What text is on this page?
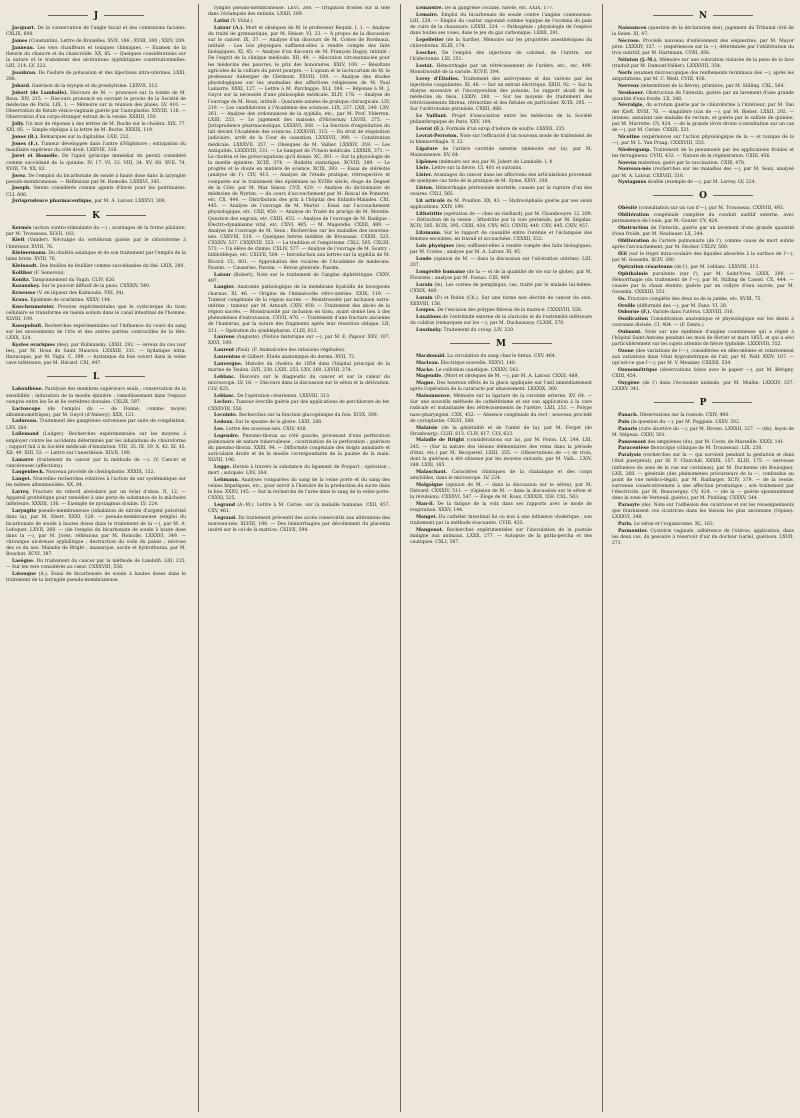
J

Jacquart. De la conservation de l'angle facial et des connexions faciales. CXLIX, 600.

James (Constantin). Lettre de Bruxelles. XVII, 186 ; XVIII, 300 ; XXIV, 209.

Janneau. Les vers chauffeurs et toxiques chimiques. — Examen de la théorie du chancre et du chancroïde. XX, 85. — Quelques considérations sur la nature et le traitement des ulcérations syphilitiques constitutionnelles. LIII, 214. LV, 223.

Jeanbrau. De l'iodure de potassium et des injections intra-utérines. LXXI, 288.

Jobard. Guérison de la myopie et du presbytisme. LXXVII, 312.

Jobert (de Lamballe). Discours de M. — prononcé sur la tombe de M. Roux. XIV, 215. — Discours prononcé en ouvrant le procès de la Société de médecine de Paris. LIX, 1. — Mémoire sur la réunion des plaies. LV, 410. — Observation de fistule vésico-vaginale guérie par l'autoplastie. XXVIII, 116. — Observation d'un corps étranger extrait de la vessie. XXXIII, 150.

Jolly. Un mot de réponse à des lettres de M. Roche sur le choléra. XIX, 77. XXI, 85. — Simple réplique à la lettre de M. Roche. XXXIX, 119.

Jones (B.). Remarques sur la digitaline. LXII, 232.

Jones (E.). Tumeur développée dans l'antre d'Highmore ; extirpation du maxillaire supérieur du côté droit. LXXVIII, 316.

Joret et Homolle. De l'apiol (principe immédiat du persil) considéré comme succédané de la quinine. IV, 17. VI, 33. VIII, 34. XV, 68. XVII, 74. XVIII, 74. XX, 82.

Jorez. De l'emploi du bicarbonate de soude à haute dose dans la laryngite pseudo-membraneuse. — Réflexions par M. Homolle. LXXXVI, 345.

Joseph. Venins considérés comme agents d'hiver pour les poitrinaires. CLI, 606.

Jurisprudence pharmaceutique, par M. A. Latour. LXXXVI, 308.

K

Kermès (action contro-stimulante du —) ; avantages de la forme pilulaire, par M. Trousseau. XLVII, 183.

Kieft (Vander). Névralgie du vertébrum guérie par le chloroforme à l'intérieur. XVIII, 76.

Kleinermann. Du choléra asiatique et de son traitement par l'emploi de la laine brute. XVIII, 76.

Kleinsadt. Des feuilles de feuillier comme succédanées du thé. LXIX, 280.

Kolliker (F. Seneroni).

Konitz. Tamponnement du Vagin. CLIV, 620.

Kozanskey. Sur le pouvoir diffusif de la peau. CXXXIV, 540.

Kraeusse (V. en liqueur des Kalmouks, VIII, 34).

Kraus. Épidémie de scarlatine. XXXV, 144.

Kuechenmeister. Preuves expérimentales que le cysticerque du tissu cellulaire se transforme en taenia solium dans le canal intestinal de l'homme. XLVIII, 199.

Kuespohult. Recherches expérimentales sur l'influence du cours du sang sur les mouvements de l'iris et des autres parties contractiles de la tête. LXXX, 324.

Kystes ovariques (des), par Ruhkansky. LXXII, 292. — séreux du cou (sur les), par M. Roux de Saint Maurice. LXXXIII, 331. — hydatique intra-thoracique, par M. Vigla. C, 399. — hydatique du foie ouvert dans la veine cave inférieure, par M. Hérard. CXI, 447.

L

Laboulbène. Paralysie des membres supérieurs seuls ; conservation de la sensibilité ; induration de la moelle épinière ; ramollissement dans l'espace compris entre les 5e et 6e vertèbres dorsales. CXLIX, 597.

Lactoscope (de l'emploi du — de Donné, comme moyen albuminométrique), par M. Guyot (d'Annecy). XXX, 121.

Ladureau. Traitement des gangrènes survenues par suite de congélation. LXV, 264.

Lallemand (Ludger). Recherches expérimentales sur les moyens à employer contre les accidents déterminés par les inhalations de chloroforme ; rapport fait à la Société médicale d'émulation. VIII, 35. IX, 39. X, 42. XI, 45. XII, 49. XIII, 53. — Lettre sur l'anesthésie. XLVII, 190.

Lamarre (traitement du cancer par la méthode de —). (V. Cancer et cancéreuses (affections).

Langenbeck. Nouveau procédé de cheiloplastie. XXXIX, 152.

Langet. Nouvelles recherches relatives à l'action de sur systématique sur les mêmes albumenoïdes. XX, 84.

Larrey. Fracture du rebord alvéolaire par un éclat d'obus. II, 12. — Appareil prothétique pour remédier à une perte de substance de la mâchoire inférieure. XXXIII, 136. — Exemple de nystagmus double. LV, 224.

Laryngite pseudo-membraneuse (inhalation de nitrate d'argent pulvérisé dans la), par M. Ebert. XXXI, 128. — pseudo-membraneuse (emploi du bicarbonate de soude à hautes doses dans le traitement de la —), par M. A. Lefoquet. LXVII, 268. — (de l'emploi du bicarbonate de soude à haute dose dans la —), par M. Jorez, réflexions par M. Homolle. LXXXVI, 349. — chronique ulcéreuse syphilitique ; destruction du voile du palais ; nécrose des os du nez. Maladie de Bright ; anasarque, ascite et hydrothorax, par M. Bouchut. XCVI, 387.

Lasègue. Du traitement du cancer par la méthode de Landolfi. LIII, 215. — Sur les vers considérés au cœur. CXXXVIII, 556.

Latouque (A.). Essai de bicarbonate de soude à hautes doses dans le traitement de la laryngite pseudo-membraneuse.

ryngite pseudo-membraneuse. LXVI, 268. — Irrigation froides sur la tête dans l'éclampsie des enfants. LXXII, 289.

Latini (V. Vidal.)

Latour (A.). Mort et obsèques de M. le professeur Requin. I, 1. — Analyse du traité de gymnastique, par M. Heiser. VI, 23. — À propos de la discussion sur le cancer. IX, 37. — Analyse d'un discours de M. Costes de Bordeaux, intitulé : Les lois physiques suffisent-elles à rendre compte des faits biologiques. XI, 45. — Analyse d'un discours de M. François Daguy, intitulé : De l'esprit de la clinique médicale. XII, 49. — Allocution circonstanciée pour les médecins des pauvres, le prix des honoraires. XXIV, 100. — Résultats agricoles de la culture du pavot pourpre. — L'opium et le lactucarium de M. le professeur Aubergier de Clermont. XXVIII, 109. — Analyse des études physiologiques sur les anomalies des affections religieuses de M. Paul Lamarre. XXXI, 127. — Lettre à M. Parchappe. XLI, 168. — Réponse à M. J. Guyot sur la nécessité d'une philosophie médicale. XLIV, 178. — Analyse de l'ouvrage de M. Roux, intitulé : Quarante années de pratique chirurgicale. LIV, 219. — Les candidatures à l'Académie des sciences. LIX, 237. LXII, 249. LXV, 261. — Analyse des ordonnances de la syphilis, etc., par M. Prof. Viderren. LXIII, 253. — Le jugement des maisons d'Hiviernay. LXVIII, 275. — Jurisprudence pharmaceutique. LXXXVI, 308. — La fonction d'exploitation du lait devant l'Académie des sciences. LXXXVIII, 315. — Du droit de réquisition judiciaire, arrêt de la Cour de cassation. LXXXVII, 399. — Constitution médicale. LXXXVII, 357. — Obsèques de M. Vallier. LXXXIV, 359. — Les Antiquités. LXXXVIII, 331. — Le banquet de l'Union médicale. LXXXIX, 371. — Le choléra et les préoccupations qu'il donne. XC, 361. — Sur la physiologie de la moelle épinière. XCIII, 374. — Bulletin statistique. XCVIII, 389. — Le progrès et le doute en matière de science. XCIX, 393. — Essai de stéréotie (analyse de l'). CIV, 413. — Analyse de l'étude pratique, rétrospective et comparée sur le traitement des épidémies au XVIIIe siècle, éloge de Degnet de la Côte, par M. Max Simon. CVII, 429. — Analyse du dictionnaire de médecine de Nysten. — du cours d'accouchement par M. Roscal de Pomeret, etc. CX, 444. — Distribution des prix à l'hôpital des Enfants-Malades. CXI, 445. — Analyse de l'ouvrage de M. Martel : Essai sur l'accouchement physiologique, etc. CXII, 450. — Analyse du Traité du prurigo de M. Morelle. Question des engrais, etc. CXIII, 453. — Analyse de l'ouvrage de M. Badigue : Electro-dynamisme vital, etc. CXVI, 465. — M. Magendie. CXXII, 489. — Analyse de l'ouvrage de M. Seux : Recherches sur les maladies des nouveau-nés. CXXVIII, 510. — Quelques lettres inédites de Broussais. CXXXI, 525. CXXXIV, 537. CXXXVIII, 553. — La tradition et l'empirisme. CXLI, 565. CXLIII, 573. — Un élève de chimie. CXLIV, 577. — Analyse de l'ouvrage de M. Soutry : bibliothèque, etc. CXLVII, 584. — Introduction aux lettres sur la syphilis de M. Ricord. CL, 601. — Approbation des vicaires de l'Académie de médecine. Passim. — Causeries. Passim. — Revue générale. Passim.

Latour (Robert). Note sur le traitement de l'angine diphtéritique. CXXV, 497.

Laugier. Anatomie pathologique de la membrane hyaloïde de bourgeons charnus. XI, 46. — Origine de l'hématocèle rétro-utérine. XXIX, 119. — Tumeur congéniale de la région sacrée. — Monstruosité par inclusion extra-utérine ; tumeur, par M. Arnoult. CXIV, 459. — Traitement des abcès de la région sacrée. — Monstruosité par inclusion en tissu, ayant donné lieu à des phénomènes d'extravasion. CXVII, 470. — Traitement d'une fracture ancienne de l'humérus, par la suture des fragments après leur résection oblique. LII, 211. — Opération du symblépharon. CLIII, 612.

Laurens (Auguste). (Notice historique sur —), par M. E. Papoor. XXV, 107. XXVI, 109.

Laurent (Paul). (F. Animalcules des infusions végétales).

Laurentus et Gilbert. Étude anatomique du derme. XVII, 72.

Lauvergne. Histoire du choléra de 1854 dans l'hôpital principal de la marine de Toulon. LVII, 230. LXIII, 253. LXV, 260. LXVIII, 274.

Leblanc. Discours sur le diagnostic du cancer et sur la valeur du microscope. LV, 18. — Discours dans la discussion sur le séton et la dérivation. CLV, 625.

Leblanc. De l'opération césarienne. LXXVIII, 313.

Leclerc. Tumeur érectile guérie par des applications de perchlorure de fer. CXXXVIII, 556.

Lecointe. Recherches sur la fonction glucogénique du foie. XCIX, 399.

Ledoux. Sur le spasme de la glotte. LXXI, 288.

Lee. Lettre des nouveau-nés. CXIV, 458.

Legendre. Pneumo-thorax au côté gauche, provenant d'une perforation pulmonaire de nature tuberculeuse ; cicatrisation de la perforation ; guérison du pneumo-thorax. XXIII, 94. — Difformité congéniale des doigts annulaire et auriculaire droits et de la moelle correspondante de la paume de la main. XLVIII, 196.

Legge. Hernie à travers la substance du ligament de Poupart ; opération ; mort ; autopsie. LXV, 264.

Lehmann. Analyses comparées du sang de la veine porte et du sang des veines hépatiques, etc., pour servir à l'histoire de la production du sucre dans le foie. XXXV, 145. — Sur la recherche de l'urée dans le sang de la veine porte. CXXXI, 525.

Legrand (A.-M.). Lettre à M. Cerise, sur la maladie humaine. CXII, 457. CXV, 461.

Legrand. Du traitement préventif des accès consécutifs aux altérations des nouveau-nés. XLVIII, 196. — Des hémorrhagies par décollement du placenta inséré sur le col de la matrice. CXLVII, 594.

Lemaistre. De la gangrène cocaïne, rareté, etc. XXIX, 177.

Lemaire. Emploi du bicarbonate de soude contre l'angine couenneuse. LIII, 228. — Emploi du coaltar saponiné comme topique de l'eczéma du pain de cuirs de la chaussure. LXXXI, 324. — Pathogénie : physiologie de l'espèce dans toutes ses voies, dans le jeu du gaz carbonique. LXXII, 291.

Lepelletier (de la Sarthe). Mémoire sur les propriétés anesthésiques du chloroforme. XLIII, 174.

Lescher. De l'emploi des injections de calomel, de l'urètre, sur l'iridectomie. LXI, 251.

Lestat. Hémorrhagie par un rétrécissement de l'urètre, etc., etc. 499. Monstruosité de la variole. XCVII, 394.

Leroy d'Étiolles. Traitement des anévrysmes et des varices par les injections coagulantes. XI, 48. — Sur un extrait électrique. XXIII, 92. — Sur la dialyse excessive et l'incorporation des poisons. Le rapport alcali de la médecine du tissu. LXXIV, 280. — Sur les moyens de traitement des rétrécissements fibreux, rétractiles et des fistules en particulier. XCIX, 395. — Sur l'urétrotomie périnéale. CXXII, 488.

Le Vaillant. Projet d'association entre les médecins de la Société philanthropique de Paris. XXV, 104.

Levrat (E.). Formule d'un sirop d'iodure de soufre. LXXXII, 335.

Levrat-Perroton. Note sur l'efficacité d'un nouveau mode de traitement de la blennorrhagie. V, 22.

Ligature de l'artère carotide externe (mémoire sur la), par M. Maisonneuve. XV, 64.

Lipômes (mémoire sur les) par M. Jobert de Lamballe. I, 4.

Liste. Lettre sur la fièvre. CI, 401 et suivants.

Lister. Avantages du cancer dans les affections des articulations provenant de quelques cas tirés de la pratique de M. Syme. XXVI, 108.

Liston. Hémorrhagie péritonéale mortelle, causée par la rupture d'un des ovaires. CXLI, 565.

Lit articulé de M. Pouillon. XX, 43. — Hydrocéphalie guérie par ses seuls applications. XXIV, 199.

Lithotritie (opération de — chez un vieillard), par M. Chambouyre. LI, 209. — Rétraction de la vessie ; lithotritie par la voie périnéale, par M. Ségalas. XCIV, 385. XCIX, 395. CXIII, 454. CXV, 463. CXVIII, 440. CXV, 445. CXIV, 457.

Litzmann. Sur le rapport de causalité entre l'urémie et l'éclampsie des femmes enceintes, en travail et accouchées. CXXXII, 532.

Lois physiques (les) suffisent-elles à rendre compte des faits biologiques, par M. Costes ; analyse par M. A. Latour. XI, 45.

Londe (opinion de M. — dans la discussion sur l'ulcération utérine). LIII, 207.

Longévité humaine (de la — et de la quantité de vie sur le globe), par M. Flourens ; analyse par M. Fossac. CIII, 409.

Lorain (le). Les cornes de pemphigus, cas, traité par le malade lui-même. CXXIX, 480.

Lorain (P.) et Robin (Ch.). Sur une forme non décrite de cancer du sein. XXXVIII, 156.

Loupes. De l'excision des polypes fibreux de la matrice. CXXXVIII, 556.

Luxations de l'extrémité externe de la clavicule et de l'extrémité inférieure du cubitus (remarques sur les —), par M. Duchaussoy. CLXIII, 570.

Luszinsky. Traitement du croup. LIV, 220.

M

Macdonald. La circulation du sang chez le fœtus. CXV, 464.

Maclean. Électrique nouvelle. XXXVI, 148.

Macke. Le collodion caustique. CXXXV, 543.

Magendie. (Mort et obsèques de M. —), par M. A. Latour. CXXII, 489.

Magne. Des heureux effets de la glace appliquée sur l'œil immédiatement après l'opération de la cataracte par abaissement. LXXXIX, 360.

Maisonneuve. Mémoire sur la ligature de la carotide externe. XV, 64. — Sur une nouvelle méthode de cathétérisme et sur son application à la cure radicale et instantanée des rétrécissements de l'urètre. LXII, 251. — Polype naso-pharyngien. CXII, 452. — Absence congéniale du rect ; nouveau procédé de cystoplastie. CXLVI, 588.

Malaisie (de la généralité et de l'unité de la), par M. Forget (de Strasbourg). CLIII, 613. CLIV, 617. CLV, 623.

Maladie de Bright (considérations sur la), par M. Poton. LX, 244. LXI, 245. — (Sur la nature des lésions élémentaires des reins dans la période d'état, etc.) par M. Becquerel. LXIII, 255. — (Observations de —) de trois, dont la guérison a été obtenue par les moyens suivants, par M. Valli... LXIV, 248. LXXI, 185.

Malaschaut. Caractères chimiques de la chalazique et des corps amyloïdes, dans le microscope. LV, 224.

Malgaigne (opinion de M. — dans la discussion sur le séton), par M. Dièvard. CXXXIV, 511. — (Opinion de M. — dans la discussion sur le séton et la révulsion). CXXXVI, 547. — Éloge de M. Roux. CXXXIX, 559. CXL, 563.

Man-il. De la fatigue de la voix dans ses rapports avec le mode de respiration. XXXV, 144.

Manget. Du cathéter intestinal lui ou non à une influence cholérique ; son traitement par la méthode évacuante. CVIII, 433.

Mangenot. Recherches expérimentales sur l'inoculation de la pustule maligne aux animaux. LXXX, 277. — Autopsie de la gutta-percha et des cautiques. CXLI, 567.

N

Naissances (question de la déclaration des), jugement du Tribunal civil de la Seine. XI, 47.

Nécrose. Procédé nouveau d'enlèvement des séquestres, par M. Mayor père. LXXXIV, 337. — (expériences sur la —), déterminée par l'oblitération du trou nutritif, par M. Hartmann. CVIII, 456.

Nélaton (J.-M.). Mémoire sur une coloration violacée de la peau de la face (traduit par M. Dumont-Vallier). LXXXVIII, 354.

Nerfs (examen microscopique des renflements terminaux des —), après les amputations, par M. C. Wedl. CVIII, 436.

Nerveux (intermittent de la fièvre), primitive, par M. Stilling. CXL, 564.

Neubauer. Obstruction de l'intestin, guérie par un lavement d'une grande quantité d'eau froide. LX, 248.

Névralgie, du scrotum guérie par le chloroforme à l'intérieur, par M. Van der Kieft. XVIII, 76. — singulière (cas de —), par M. Bieber. LXXII, 292. — intense, annulant une maladie du rectum, et guérie par le sulfate de quinine, par M. Marrotte. CV, 424. — de la grande lèvre droite (consultation sur un cas de —), par M. Cerise. CXXIX, 521.

Nicotine (expériences sur l'action physiologique de la — et toxique de la —), par M. L. Van Praag. CXXXVIII, 553.

Niedergamp. Traitement de la pneumonie par les applications froides et les ferrugineux. CVIII, 432. — Nature de la régénération. CXIII, 456.

Noevus maternus, guéri par la vaccination. CXIX, 478.

Nouveau-nés (recherches sur les maladies des —), par M. Seux, analysé par M. A. Latour. CXXVIII, 516.

Nystagmus double (exemple de —), par M. Larrey. LV, 224.

O

Obésité (consultation sur un cas d'—), par M. Trousseau. CXXVIII, 493.

Oblitération congéniale complète du conduit auditif externe, avec permanence de l'ouïe, par M. Gouter. CV, 424.

Obstruction de l'intestin, guérie par un lavement d'une grande quantité d'eau froide, par M. Neubauer. LX, 244.

Oblitération de l'artère pulmonaire (de l'), comme cause de mort subite après l'accouchement, par M. Hecker. CXLIV, 580.

Œil (sur le trajet intra-oculaire des liquides absorbés à la surface de l'—), par M. Gosselin. XCIV, 380.

Opération césarienne (de l'), par M. Leblanc. LXXVIII, 313.

Ophthalmie purulente (sur l'), par M. Saint-Yves. LXXX, 290. — Hémorrhagie (du traitement de l'—), par M. Stilling de Cassel. CX, 444. — causée par la chaux éteinte, guérie par un collyre d'eau sucrée, par M. Gosselin. CXXXIII, 551.

Os. Fracture complète des deux os de la jambe, etc. XVIII, 75.

Oreille (difformité des —), par M. Fano. VI, 28.

Osborne (F.). Variole dans l'utérus. LXXVIII, 316.

Ossification Considération anatomique et physiologique sur les dents à couronne divisée. CI, 404. — (F. Dents.)

Oulmont. Note sur une épidémie d'angine couenneuse qui a régné à l'hôpital Saint-Antoine pendant les mois de février et mars 1855, et qui a sévi particulièrement sur les sujets atteints de fièvre typhoïde. LXXXVIII, 352.

Ozone (des variations de l'—), considérées en elles-mêmes et relativement aux variations dans l'état hygrométrique de l'air, par M. Wolf. XXIV, 107. — (qu'est-ce que l'—), par M. V. Meunier. CXXXII, 534.

Ozonométrique (observations faites avec le papier —), par M. Bérigny. CXIII, 454.

Oxygène (de l') dans l'économie animale, par M. Mialhe. LXXXIV, 337. LXXXV, 341.

P

Panach. Observations sur la roséole. CXIV, 460.

Pain (la question du —), par M. Poggiale. LXXV, 302.

Panaris (cure abortive du —), par M. Brown. LXXXII, 327. — (du), leçon de M. Velpeau. CXXV, 501.

Pansement des empyèmes (du), par M. Coste, de Marseille. XXXV, 141.

Paracentèse thoracique (clinique de M. Trousseau). LIX, 238.

Paralysie (recherches sur la — qui survient pendant la gestation et dans l'état puerpéral), par M. F. Churchill. XXXIX, 157. XLIII, 175. — nerveuse (influence du sens de la vue sur certaines), par M. Duchenne (de Boulogne). LXII, 268. — générale (des phénomènes précurseurs de la —, confondus au point de vue médico-légal), par M. Baillarger. XCIV, 379. — de la vessie, survenue consécutivement à une affection prostatique ; son traitement par l'électricité, par M. Beauvergey. CV, 424. — (de la — guérie spontanément dans la zone de Verneuil, guérie), par M. Pinbling. CXXXV, 544.

Parasyte (de). Note sur l'adhésion des cicatrices et sur les renseignements que fournissent ces cicatrices dans les lésions les plus anciennes (l'épine). LXXXVI, 348.

Paris. Le séton et l'organicisme. XL, 162.

Parmentier. Cystotrie vaginale, adhérence de l'utérus, application, dans les deux cas, du pessaire à réservoir d'air du docteur Gariel, guérison. LXVII, 271.
